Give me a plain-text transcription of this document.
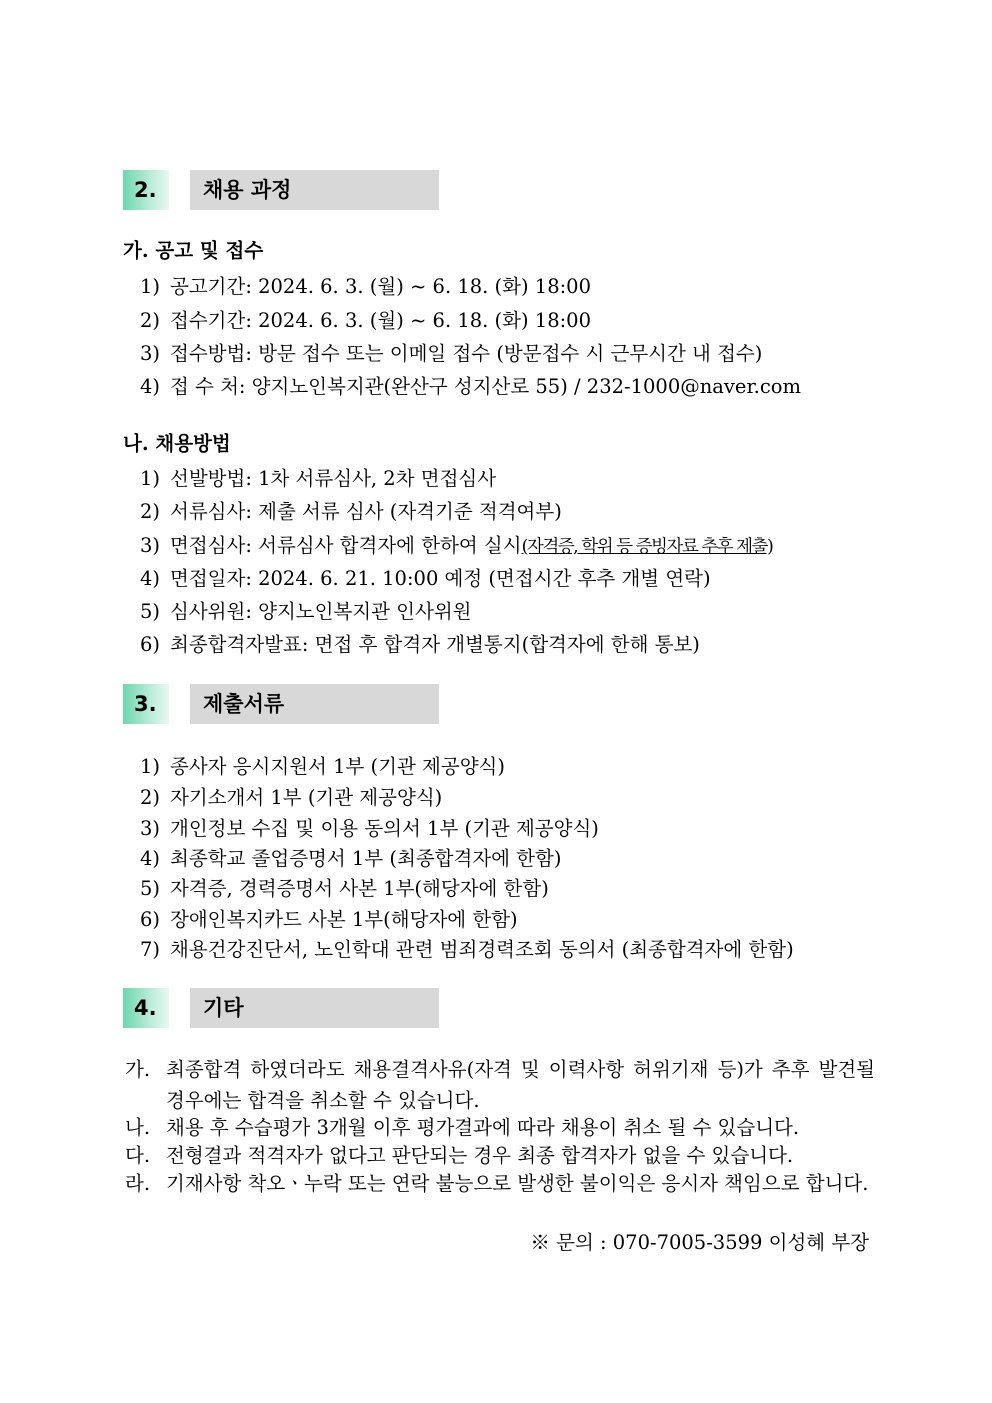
2.	채용 과정
가. 공고 및 접수
1) 공고기간: 2024. 6. 3. (월) ~ 6. 18. (화) 18:00
2) 접수기간: 2024. 6. 3. (월) ~ 6. 18. (화) 18:00
3) 접수방법: 방문 접수 또는 이메일 접수 (방문접수 시 근무시간 내 접수)
4) 접 수 처: 양지노인복지관(완산구 성지산로 55) / 232-1000@naver.com
나. 채용방법
1) 선발방법: 1차 서류심사, 2차 면접심사
2) 서류심사: 제출 서류 심사 (자격기준 적격여부)
3) 면접심사: 서류심사 합격자에 한하여 실시(자격증, 학위 등 증빙자료 추후 제출)
4) 면접일자: 2024. 6. 21. 10:00 예정 (면접시간 후추 개별 연락)
5) 심사위원: 양지노인복지관 인사위원
6) 최종합격자발표: 면접 후 합격자 개별통지(합격자에 한해 통보)
3.	제출서류
1) 종사자 응시지원서 1부 (기관 제공양식)
2) 자기소개서 1부 (기관 제공양식)
3) 개인정보 수집 및 이용 동의서 1부 (기관 제공양식)
4) 최종학교 졸업증명서 1부 (최종합격자에 한함)
5) 자격증, 경력증명서 사본 1부(해당자에 한함)
6) 장애인복지카드 사본 1부(해당자에 한함)
7) 채용건강진단서, 노인학대 관련 범죄경력조회 동의서 (최종합격자에 한함)
4.	기타
가. 최종합격 하였더라도 채용결격사유(자격 및 이력사항 허위기재 등)가 추후 발견될 경우에는 합격을 취소할 수 있습니다.
나. 채용 후 수습평가 3개월 이후 평가결과에 따라 채용이 취소 될 수 있습니다.
다. 전형결과 적격자가 없다고 판단되는 경우 최종 합격자가 없을 수 있습니다.
라. 기재사항 착오ㆍ누락 또는 연락 불능으로 발생한 불이익은 응시자 책임으로 합니다.
※ 문의 : 070-7005-3599 이성혜 부장
